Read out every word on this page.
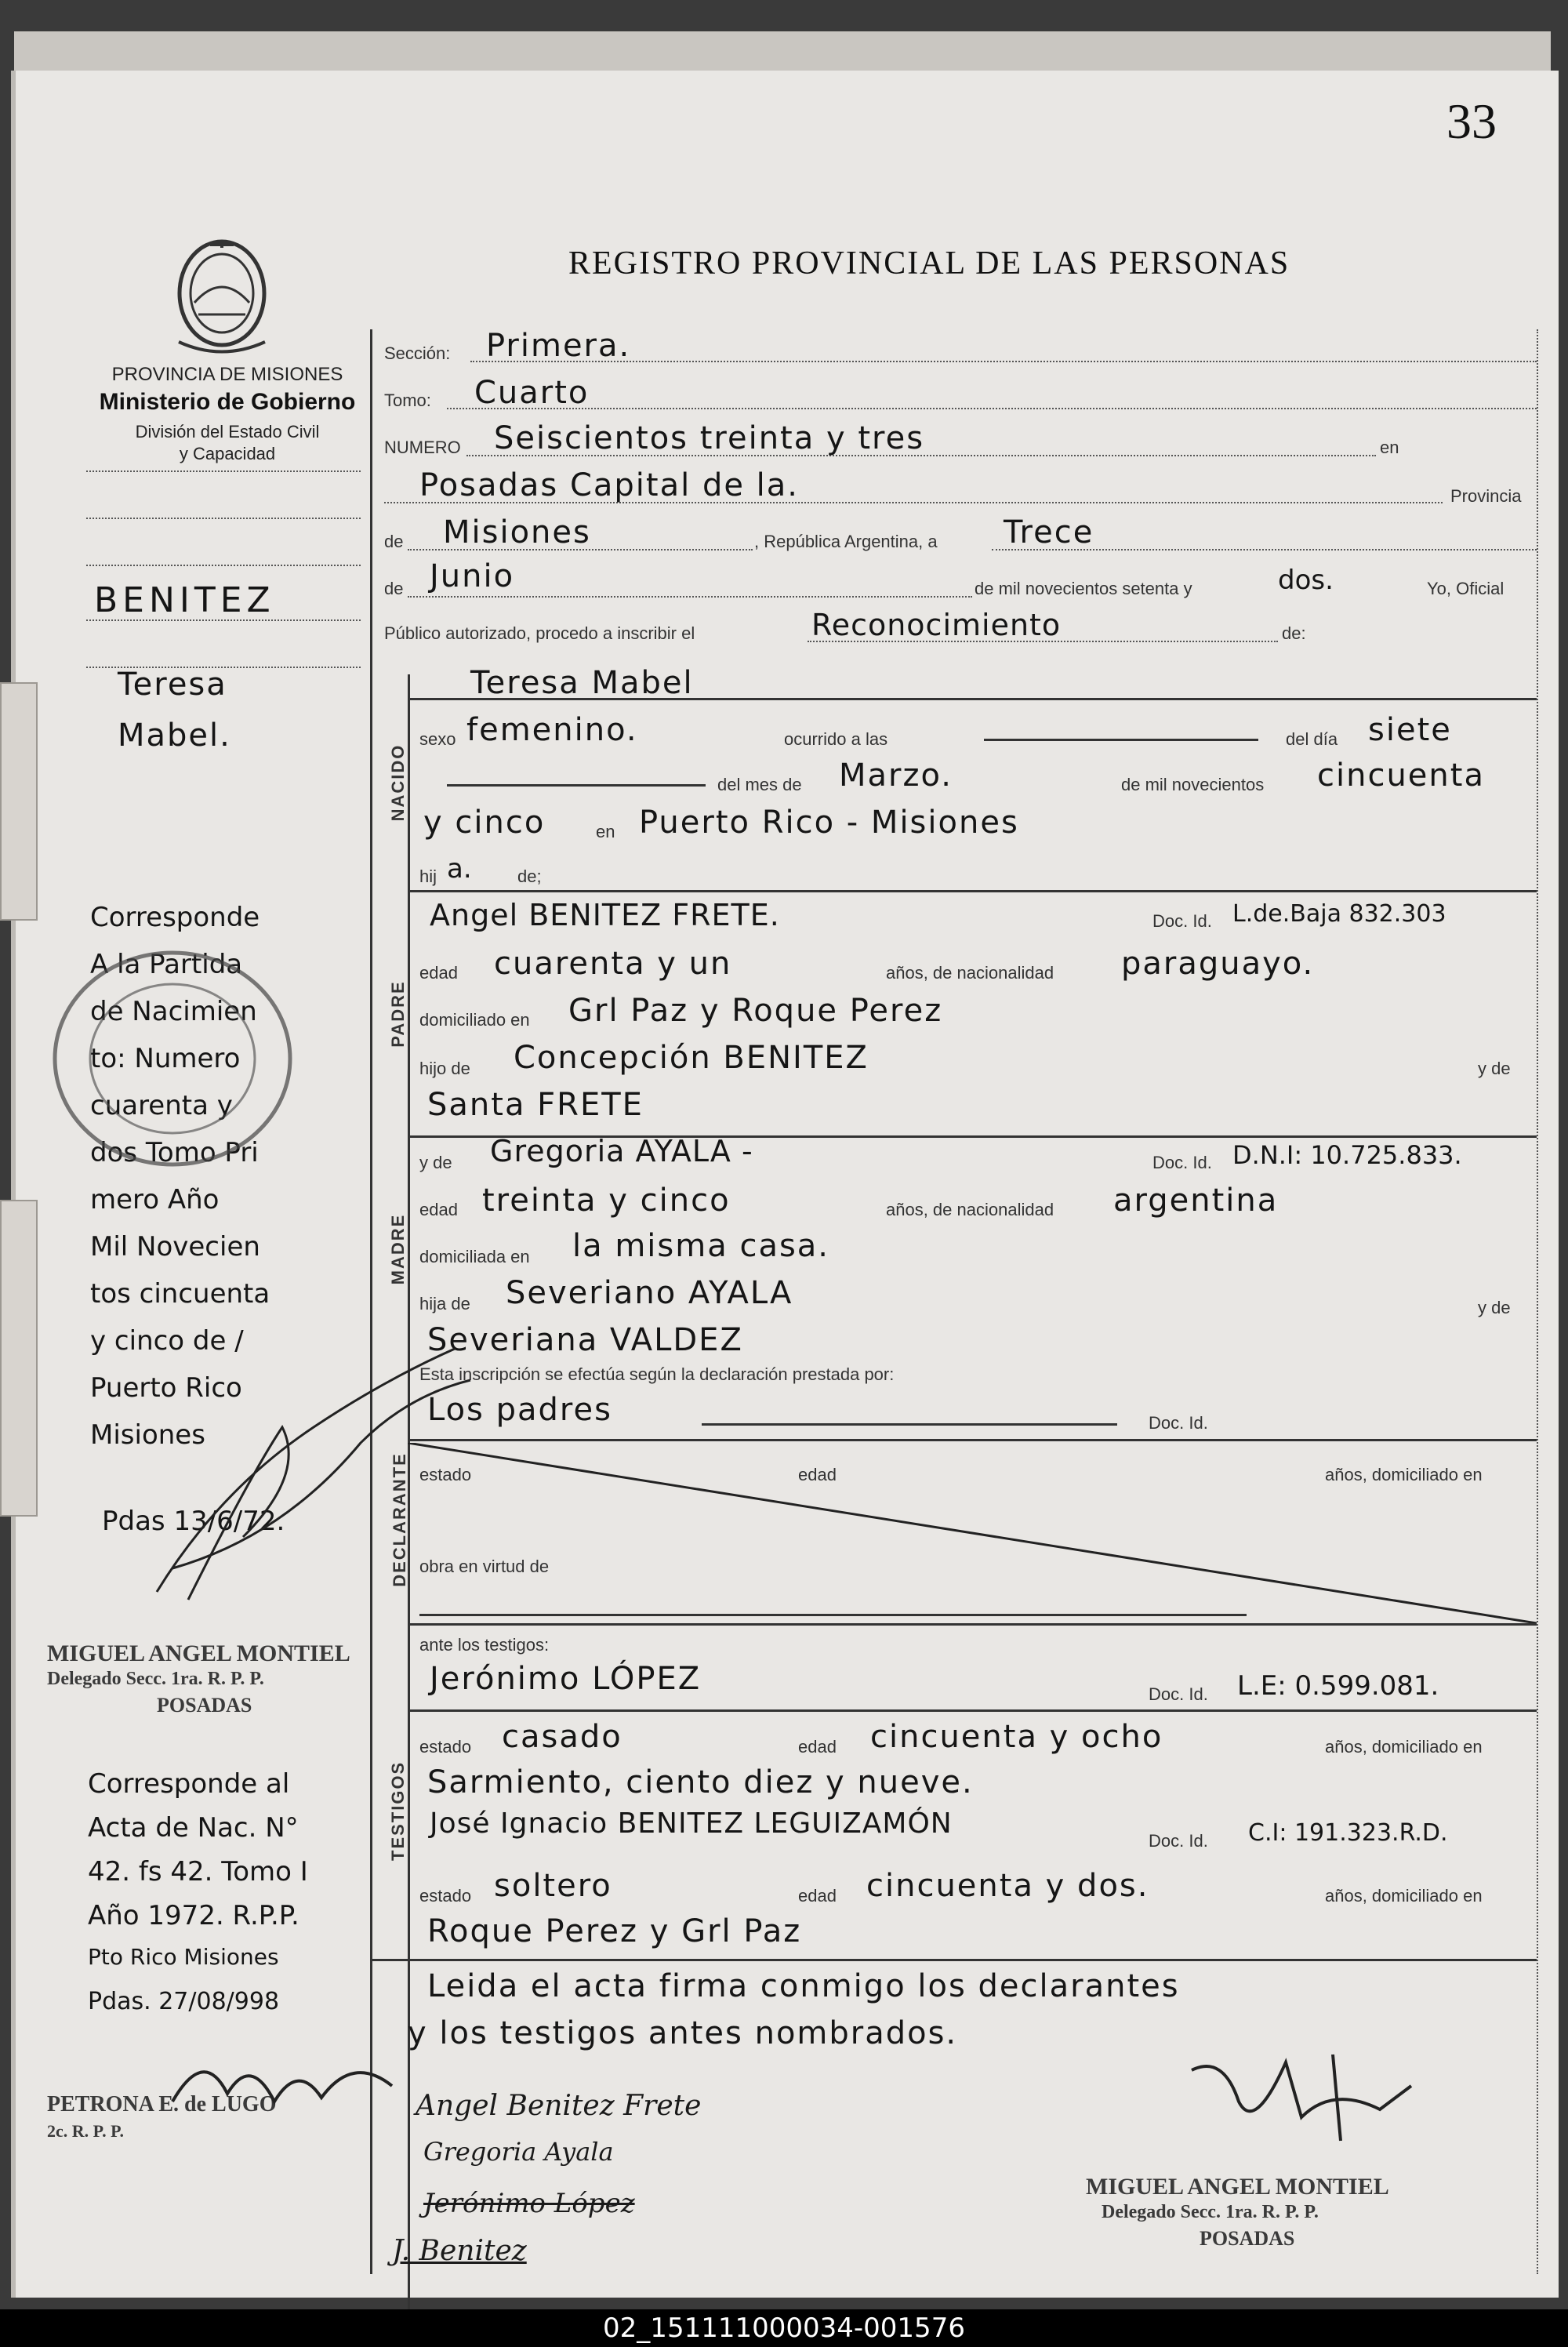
33
REGISTRO PROVINCIAL DE LAS PERSONAS
PROVINCIA DE MISIONES
Ministerio de Gobierno
División del Estado Civil
y Capacidad
BENITEZ
Teresa
Mabel.
Corresponde
A la Partida
de Nacimien
to: Numero
cuarenta y
dos Tomo Pri
mero Año
Mil Novecien
tos cincuenta
y cinco de /
Puerto Rico
Misiones
Pdas 13/6/72.
MIGUEL ANGEL MONTIEL
Delegado Secc. 1ra. R. P. P.
POSADAS
Corresponde al
Acta de Nac. N°
42. fs 42. Tomo I
Año 1972. R.P.P.
Pto Rico Misiones
Pdas. 27/08/998
PETRONA E. de LUGO
2c. R. P. P.
Sección: Primera.
Tomo: Cuarto
NUMERO Seiscientos treinta y tres	en
Posadas Capital de la.	Provincia
de Misiones	, República Argentina, a Trece
de Junio	de mil novecientos setenta y	dos.	Yo, Oficial
Público autorizado, procedo a inscribir el	Reconocimiento	de:
NACIDO
Teresa Mabel
sexo femenino.	ocurrido a las	del día siete
del mes de Marzo.	de mil novecientos cincuenta
y cinco	en Puerto Rico - Misiones
hij a.	de;
PADRE
Angel BENITEZ FRETE.	Doc. Id. L.de.Baja 832.303
edad cuarenta y un	años, de nacionalidad paraguayo.
domiciliado en Grl Paz y Roque Perez
hijo de Concepción BENITEZ	y de
Santa FRETE
MADRE
y de Gregoria AYALA -	Doc. Id. D.N.I: 10.725.833.
edad treinta y cinco	años, de nacionalidad argentina
domiciliada en la misma casa.
hija de Severiano AYALA
Severiana VALDEZ
y de
Esta inscripción se efectúa según la declaración prestada por:
Los padres	Doc. Id.
DECLARANTE estado	edad	años, domiciliado en
obra en virtud de
ante los testigos:
TESTIGOS
Jerónimo LÓPEZ	Doc. Id. L.E: 0.599.081.
estado casado	edad cincuenta y ocho	años, domiciliado en
Sarmiento, ciento diez y nueve.
José Ignacio BENITEZ LEGUIZAMÓN
Doc. Id. C.I: 191.323.R.D.
estado soltero	edad cincuenta y dos.	años, domiciliado en
Roque Perez y Grl Paz
Leida el acta firma conmigo los declarantes
y los testigos antes nombrados.
Angel Benitez Frete
Gregoria Ayala
Jerónimo López
J. Benitez
MIGUEL ANGEL MONTIEL
Delegado Secc. 1ra. R. P. P.
POSADAS
02_151111000034-001576
